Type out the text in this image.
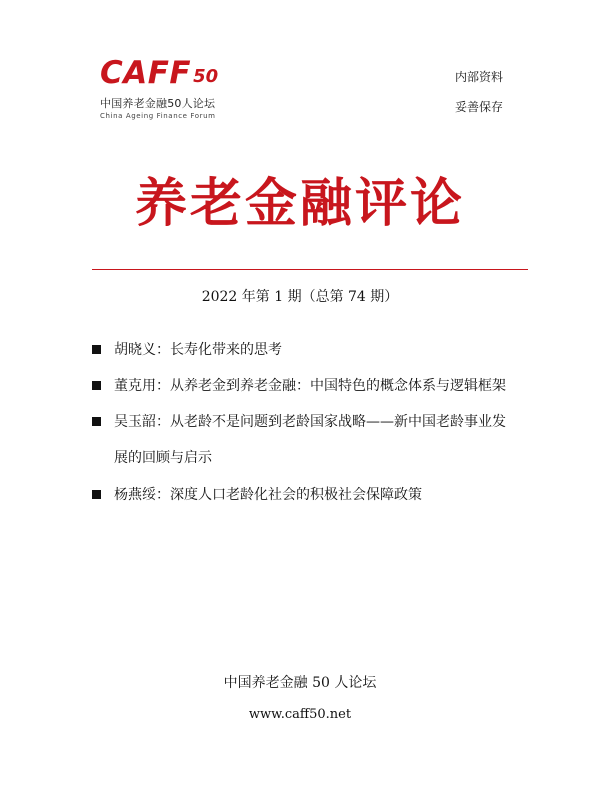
CAFF 50
中国养老金融50人论坛
China Ageing Finance Forum
内部资料
妥善保存
养老金融评论
2022 年第 1 期（总第 74 期）
胡晓义：长寿化带来的思考
董克用：从养老金到养老金融：中国特色的概念体系与逻辑框架
吴玉韶：从老龄不是问题到老龄国家战略——新中国老龄事业发
展的回顾与启示
杨燕绥：深度人口老龄化社会的积极社会保障政策
中国养老金融 50 人论坛
www.caff50.net
